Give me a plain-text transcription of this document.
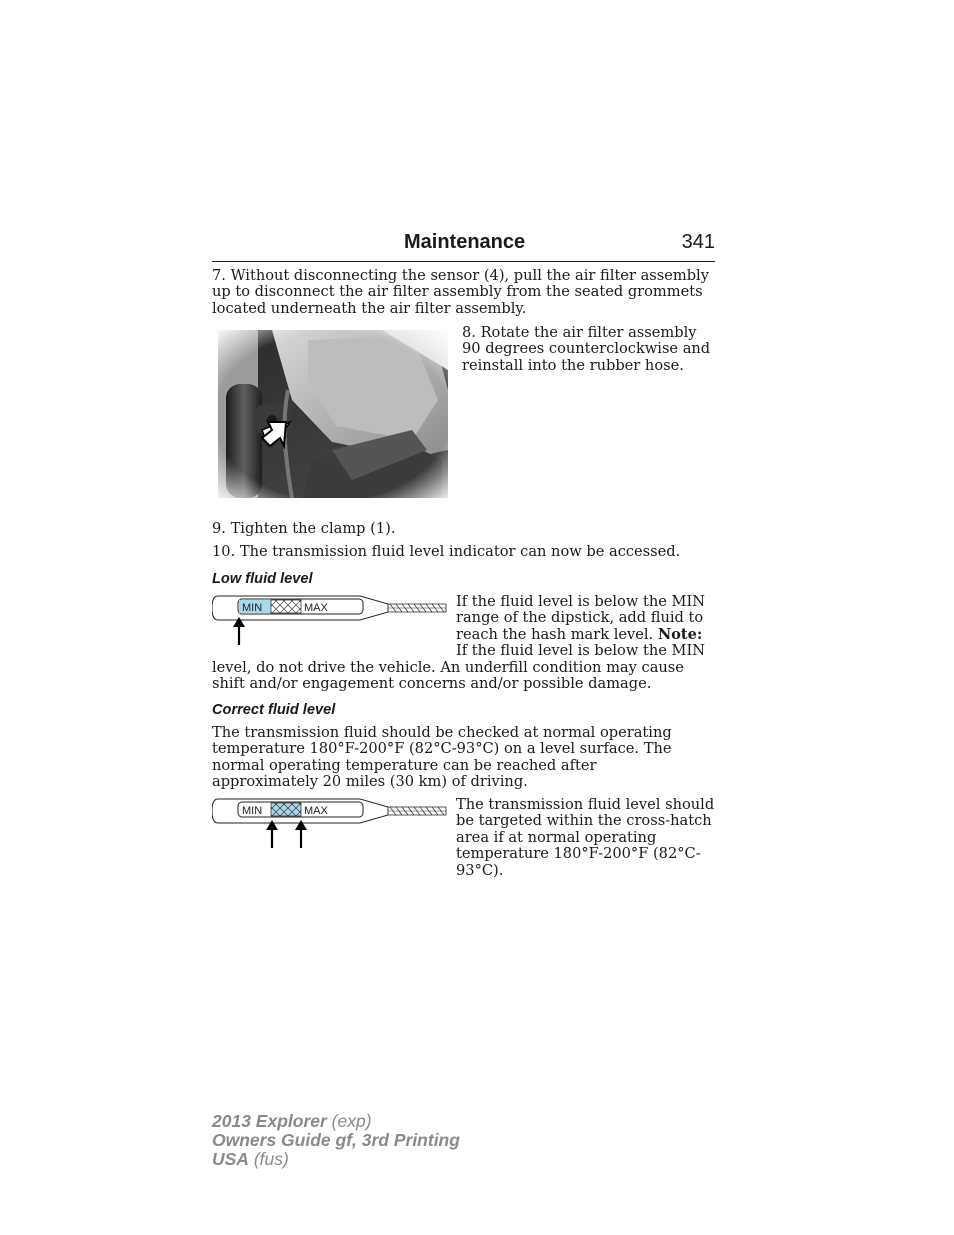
Maintenance	341

7. Without disconnecting the sensor (4), pull the air filter assembly up to disconnect the air filter assembly from the seated grommets located underneath the air filter assembly.

8. Rotate the air filter assembly 90 degrees counterclockwise and reinstall into the rubber hose.

9. Tighten the clamp (1).

10. The transmission fluid level indicator can now be accessed.

Low fluid level
MIN	MAX	If the fluid level is below the MIN range of the dipstick, add fluid to reach the hash mark level. Note: If the fluid level is below the MIN level, do not drive the vehicle. An underfill condition may cause shift and/or engagement concerns and/or possible damage.
Correct fluid level

The transmission fluid should be checked at normal operating temperature 180°F-200°F (82°C-93°C) on a level surface. The normal operating temperature can be reached after approximately 20 miles (30 km) of driving.

MIN	MAX	The transmission fluid level should be targeted within the cross-hatch area if at normal operating temperature 180°F-200°F (82°C-93°C).

2013 Explorer (exp)
Owners Guide gf, 3rd Printing
USA (fus)
